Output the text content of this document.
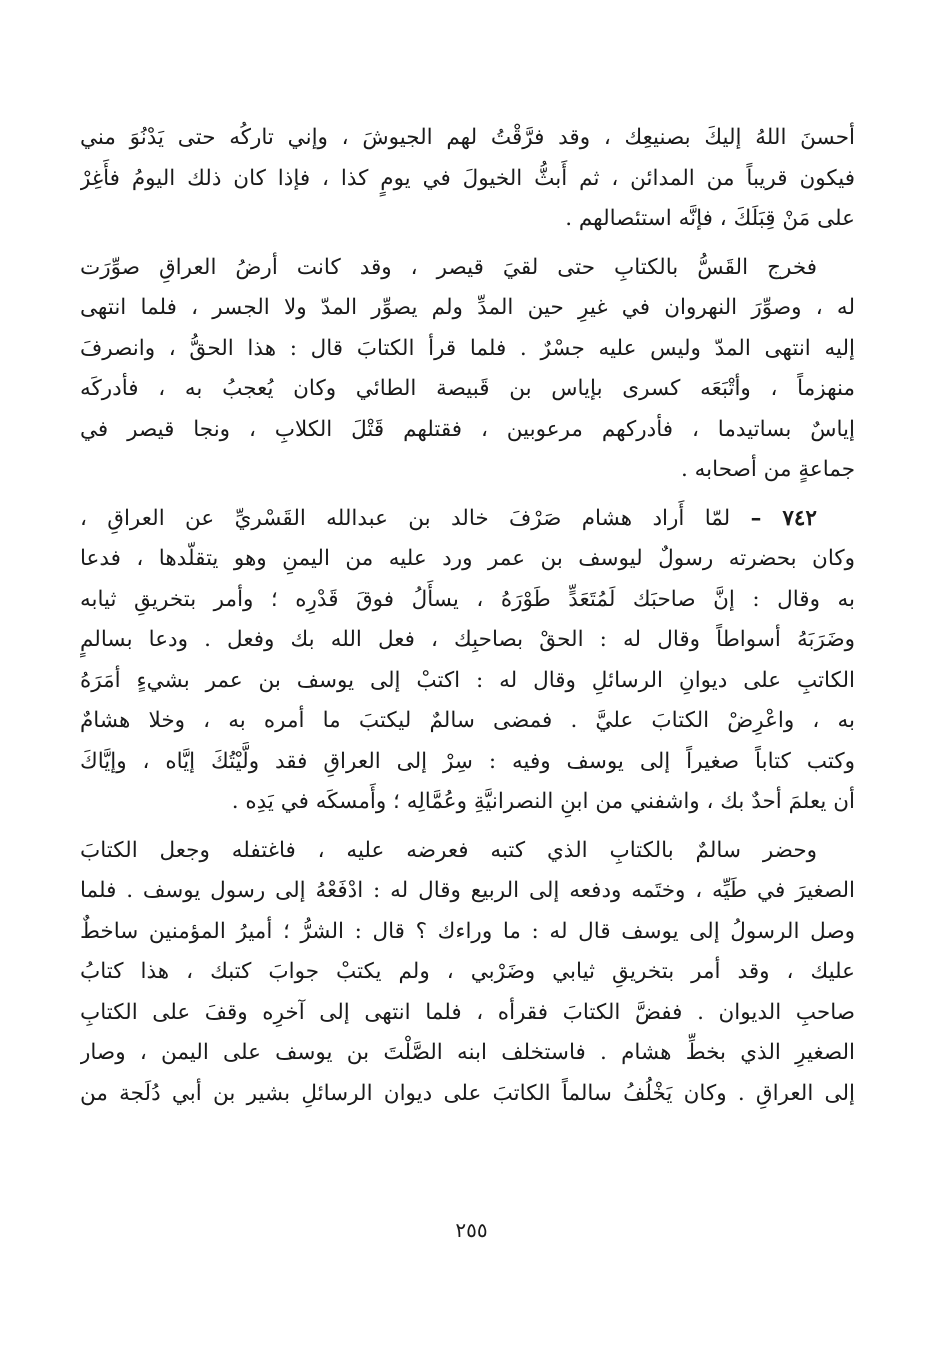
أحسنَ اللهُ إليكَ بصنيعِك ، وقد فرَّقْتُ لهم الجيوشَ ، وإني تاركُه حتى يَدْنُوَ مني
فيكون قريباً من المدائن ، ثم أَبثُّ الخيولَ في يومٍ كذا ، فإذا كان ذلك اليومُ فأَغِرْ
على مَنْ قِبَلَكَ ، فإنَّه استئصالهم .
فخرج القَسُّ بالكتابِ حتى لقيَ قيصر ، وقد كانت أرضُ العراقِ صوِّرَت
له ، وصوِّرَ النهروان في غيرِ حين المدِّ ولم يصوِّر المدّ ولا الجسر ، فلما انتهى
إليه انتهى المدّ وليس عليه جسْرٌ . فلما قرأ الكتابَ قال : هذا الحقُّ ، وانصرفَ
منهزماً ، وأتْبَعَه كسرى بإياس بن قَبيصة الطائي وكان يُعجبُ به ، فأدركَه
إياسٌ بساتيدما ، فأدركهم مرعوبين ، فقتلهم قَتْلَ الكلابِ ، ونجا قيصر في
جماعةٍ من أصحابه .
٧٤٢ – لمّا أَراد هشام صَرْفَ خالد بن عبدالله القَسْريِّ عن العراقِ ،
وكان بحضرته رسولٌ ليوسف بن عمر ورد عليه من اليمنِ وهو يتقلّدها ، فدعا
به وقال : إنَّ صاحبَك لَمُتَعَدٍّ طَوْرَهُ ، يسأَلُ فوقَ قَدْرِه ؛ وأمر بتخريقِ ثيابه
وضَرَبَهُ أسواطاً وقال له : الحقْ بصاحبِك ، فعل الله بك وفعل . ودعا بسالمٍ
الكاتبِ على ديوانِ الرسائلِ وقال له : اكتبْ إلى يوسف بن عمر بشيءٍ أمَرَهُ
به ، واعْرِضْ الكتابَ عليَّ . فمضى سالمٌ ليكتبَ ما أمره به ، وخلا هشامٌ
وكتب كتاباً صغيراً إلى يوسف وفيه : سِرْ إلى العراقِ فقد ولَّيْتُكَ إيَّاه ، وإيَّاكَ
أن يعلمَ أحدٌ بك ، واشفني من ابنِ النصرانيَّةِ وعُمَّالِه ؛ وأَمسكَه في يَدِه .
وحضر سالمٌ بالكتابِ الذي كتبه فعرضه عليه ، فاغتفله وجعل الكتابَ
الصغيرَ في طَيِّه ، وختَمه ودفعه إلى الربيع وقال له : ادْفَعْهُ إلى رسول يوسف . فلما
وصل الرسولُ إلى يوسف قال له : ما وراءك ؟ قال : الشرُّ ؛ أميرُ المؤمنين ساخطٌ
عليك ، وقد أمر بتخريقِ ثيابي وضَرْبي ، ولم يكتبْ جوابَ كتبك ، هذا كتابُ
صاحبِ الديوان . ففضَّ الكتابَ فقرأه ، فلما انتهى إلى آخرِه وقفَ على الكتابِ
الصغيرِ الذي بخطِّ هشام . فاستخلف ابنه الصَّلْتَ بن يوسف على اليمن ، وصار
إلى العراقِ . وكان يَخْلُفُ سالماً الكاتبَ على ديوان الرسائلِ بشير بن أبي دُلَجة من
٢٥٥
